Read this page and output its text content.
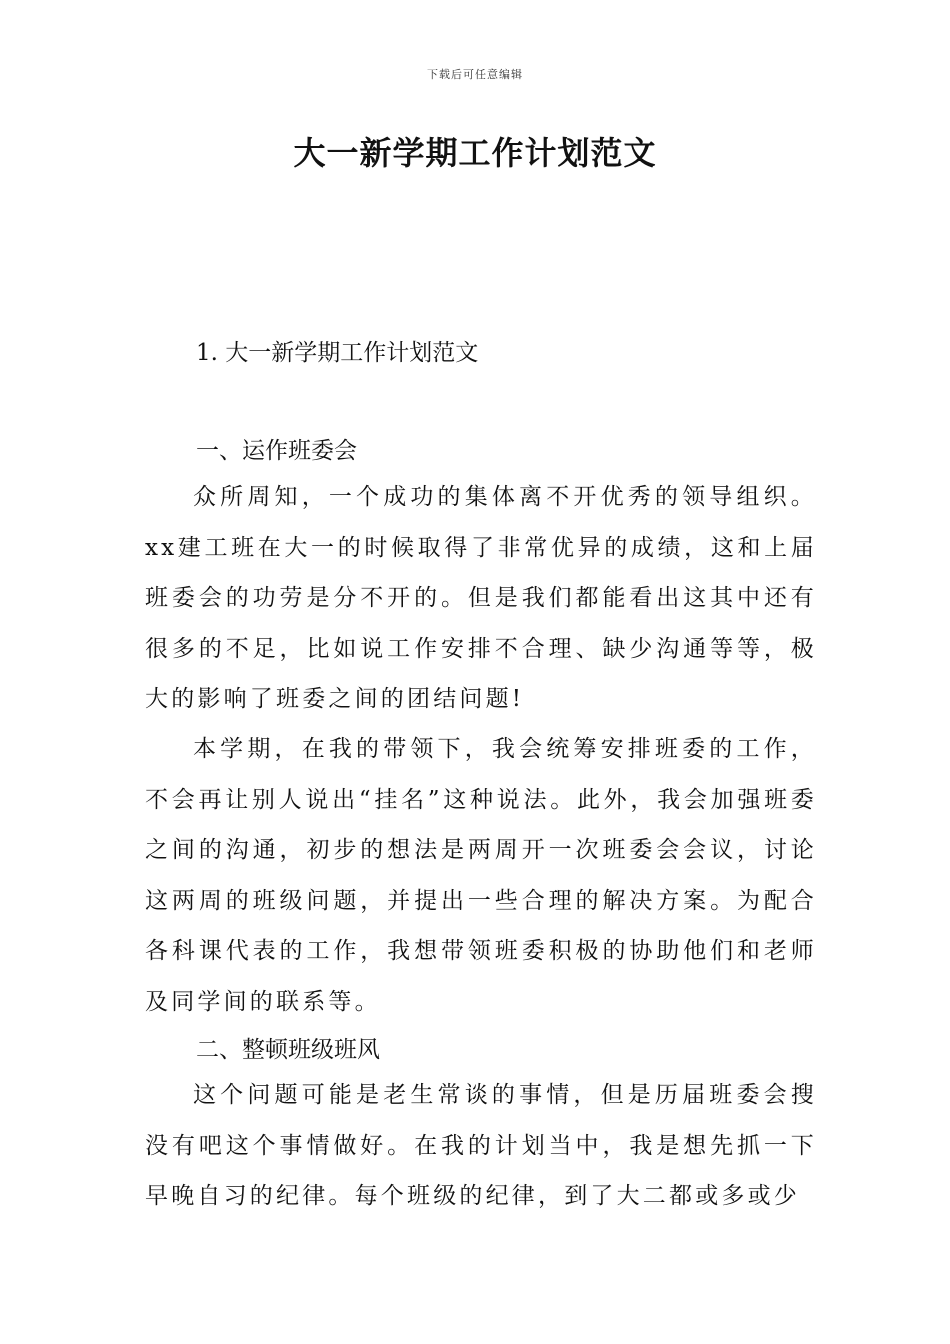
下载后可任意编辑
大一新学期工作计划范文
1. 大一新学期工作计划范文
一、运作班委会

众所周知，一个成功的集体离不开优秀的领导组织。xx建工班在大一的时候取得了非常优异的成绩，这和上届班委会的功劳是分不开的。但是我们都能看出这其中还有很多的不足，比如说工作安排不合理、缺少沟通等等，极大的影响了班委之间的团结问题!

本学期，在我的带领下，我会统筹安排班委的工作，不会再让别人说出“挂名”这种说法。此外，我会加强班委之间的沟通，初步的想法是两周开一次班委会会议，讨论这两周的班级问题，并提出一些合理的解决方案。为配合各科课代表的工作，我想带领班委积极的协助他们和老师及同学间的联系等。

二、整顿班级班风

这个问题可能是老生常谈的事情，但是历届班委会搜没有吧这个事情做好。在我的计划当中，我是想先抓一下早晚自习的纪律。每个班级的纪律，到了大二都或多或少
